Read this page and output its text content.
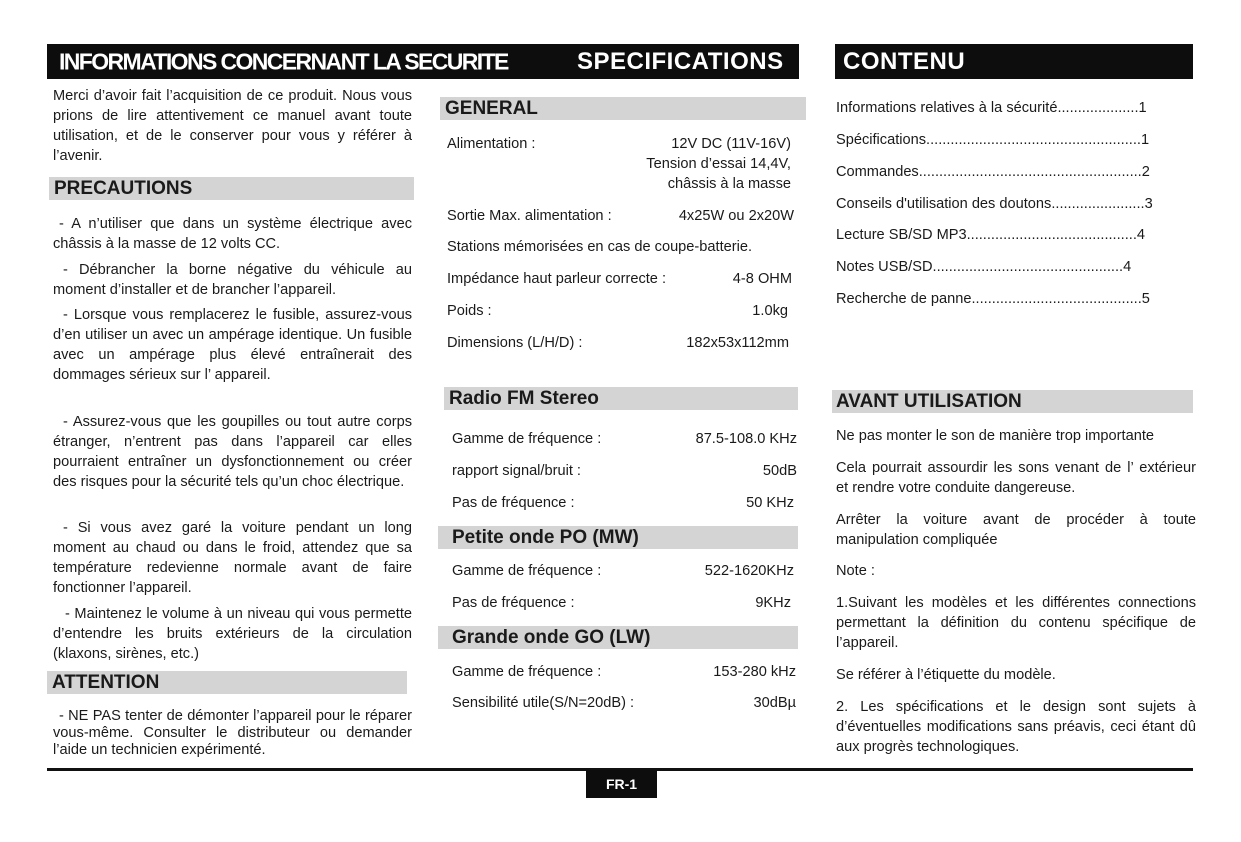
INFORMATIONS CONCERNANT LA SECURITE	SPECIFICATIONS CONTENU
Merci d’avoir fait l’acquisition de ce produit. Nous vous prions de lire attentivement ce manuel avant toute utilisation, et de le conserver pour vous y référer à l’avenir.
PRECAUTIONS
- A n’utiliser que dans un système électrique avec châssis à la masse de 12 volts CC.
- Débrancher la borne négative du véhicule au moment d’installer et de brancher l’appareil.
- Lorsque vous remplacerez le fusible, assurez-vous d’en utiliser un avec un ampérage identique. Un fusible avec un ampérage plus élevé entraînerait des dommages sérieux sur l’ appareil.
- Assurez-vous que les goupilles ou tout autre corps étranger, n’entrent pas dans l’appareil car elles pourraient entraîner un dysfonctionnement ou créer des risques pour la sécurité tels qu’un choc électrique.
- Si vous avez garé la voiture pendant un long moment au chaud ou dans le froid, attendez que sa température redevienne normale avant de faire fonctionner l’appareil.
- Maintenez le volume à un niveau qui vous permette d’entendre les bruits extérieurs de la circulation (klaxons, sirènes, etc.)
ATTENTION
- NE PAS tenter de démonter l’appareil pour le réparer vous-même. Consulter le distributeur ou demander l’aide un technicien expérimenté.
GENERAL
Alimentation :	12V DC (11V-16V)
Tension d’essai 14,4V,
châssis à la masse
Sortie Max. alimentation :	4x25W ou 2x20W
Stations mémorisées en cas de coupe-batterie.
Impédance haut parleur correcte :	4-8 OHM
Poids :	1.0kg
Dimensions (L/H/D) :	182x53x112mm
Radio FM Stereo
Gamme de fréquence :	87.5-108.0 KHz
rapport signal/bruit :	50dB
Pas de fréquence :	50 KHz
Petite onde PO (MW)
Gamme de fréquence :	522-1620KHz
Pas de fréquence :	9KHz
Grande onde GO (LW)
Gamme de fréquence :	153-280 kHz
Sensibilité utile(S/N=20dB) :	30dBµ
Informations relatives à la sécurité....................1
Spécifications.....................................................1
Commandes.......................................................2
Conseils d'utilisation des doutons.......................3
Lecture SB/SD MP3..........................................4
Notes USB/SD...............................................4
Recherche de panne..........................................5
AVANT UTILISATION
Ne pas monter le son de manière trop importante
Cela pourrait assourdir les sons venant de l’ extérieur et rendre votre conduite dangereuse.
Arrêter la voiture avant de procéder à toute manipulation compliquée
Note :
1.Suivant les modèles et les différentes connections permettant la définition du contenu spécifique de l’appareil.
Se référer à l’étiquette du modèle.
2. Les spécifications et le design sont sujets à d’éventuelles modifications sans préavis, ceci étant dû aux progrès technologiques.
FR-1
